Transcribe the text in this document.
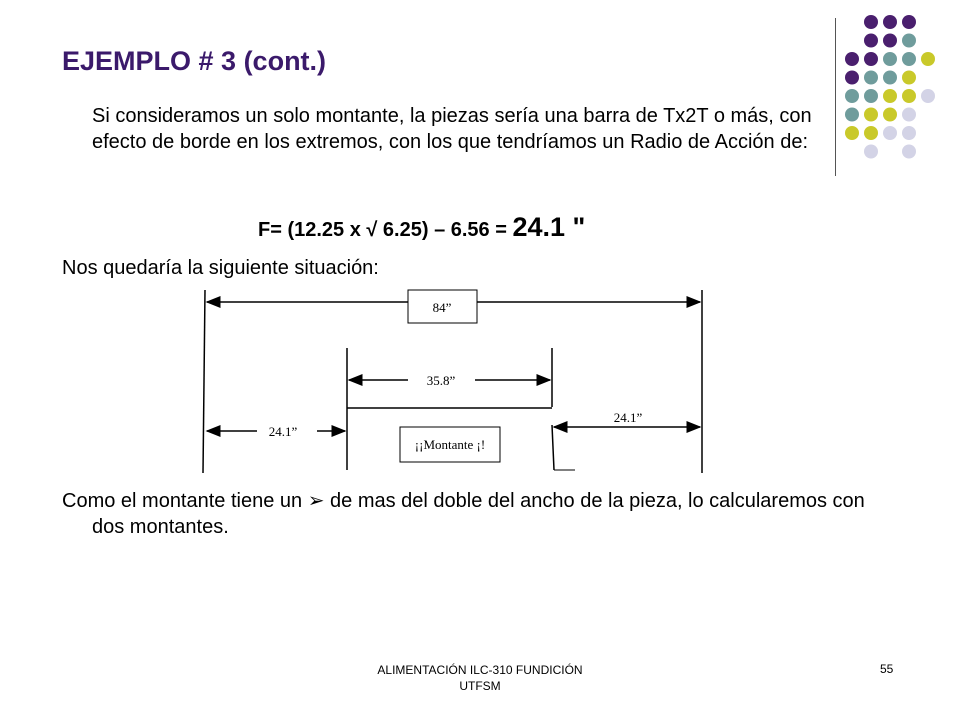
EJEMPLO # 3 (cont.)
Si consideramos un solo montante, la piezas sería una barra de Tx2T o más, con efecto de borde en los extremos, con los que tendríamos un Radio de Acción de:
F= (12.25 x √ 6.25) – 6.56 = 24.1 "
Nos quedaría la siguiente situación:
84”
35.8”
24.1”
24.1”
¡¡Montante ¡!
Como el montante tiene un ➢ de mas del doble del ancho de la pieza, lo calcularemos con dos montantes.
ALIMENTACIÓN ILC-310 FUNDICIÓN
UTFSM
55
